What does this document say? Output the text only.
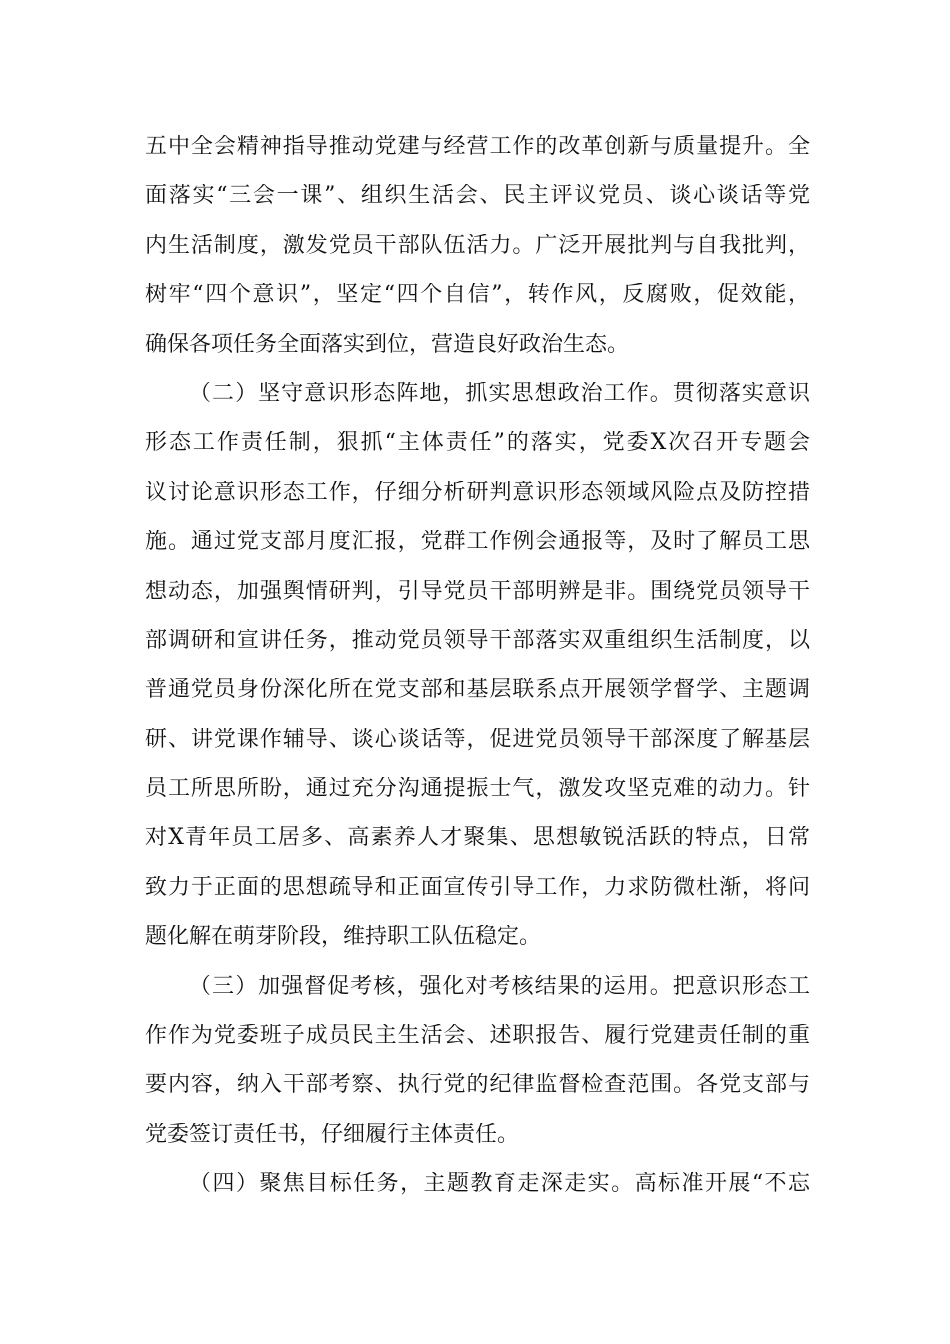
五中全会精神指导推动党建与经营工作的改革创新与质量提升。全
面落实“三会一课”、组织生活会、民主评议党员、谈心谈话等党
内生活制度，激发党员干部队伍活力。广泛开展批判与自我批判，
树牢“四个意识”，坚定“四个自信”，转作风，反腐败，促效能，
确保各项任务全面落实到位，营造良好政治生态。
（二）坚守意识形态阵地，抓实思想政治工作。贯彻落实意识
形态工作责任制，狠抓“主体责任”的落实，党委X次召开专题会
议讨论意识形态工作，仔细分析研判意识形态领域风险点及防控措
施。通过党支部月度汇报，党群工作例会通报等，及时了解员工思
想动态，加强舆情研判，引导党员干部明辨是非。围绕党员领导干
部调研和宣讲任务，推动党员领导干部落实双重组织生活制度，以
普通党员身份深化所在党支部和基层联系点开展领学督学、主题调
研、讲党课作辅导、谈心谈话等，促进党员领导干部深度了解基层
员工所思所盼，通过充分沟通提振士气，激发攻坚克难的动力。针
对X青年员工居多、高素养人才聚集、思想敏锐活跃的特点，日常
致力于正面的思想疏导和正面宣传引导工作，力求防微杜渐，将问
题化解在萌芽阶段，维持职工队伍稳定。
（三）加强督促考核，强化对考核结果的运用。把意识形态工
作作为党委班子成员民主生活会、述职报告、履行党建责任制的重
要内容，纳入干部考察、执行党的纪律监督检查范围。各党支部与
党委签订责任书，仔细履行主体责任。
（四）聚焦目标任务，主题教育走深走实。高标准开展“不忘
